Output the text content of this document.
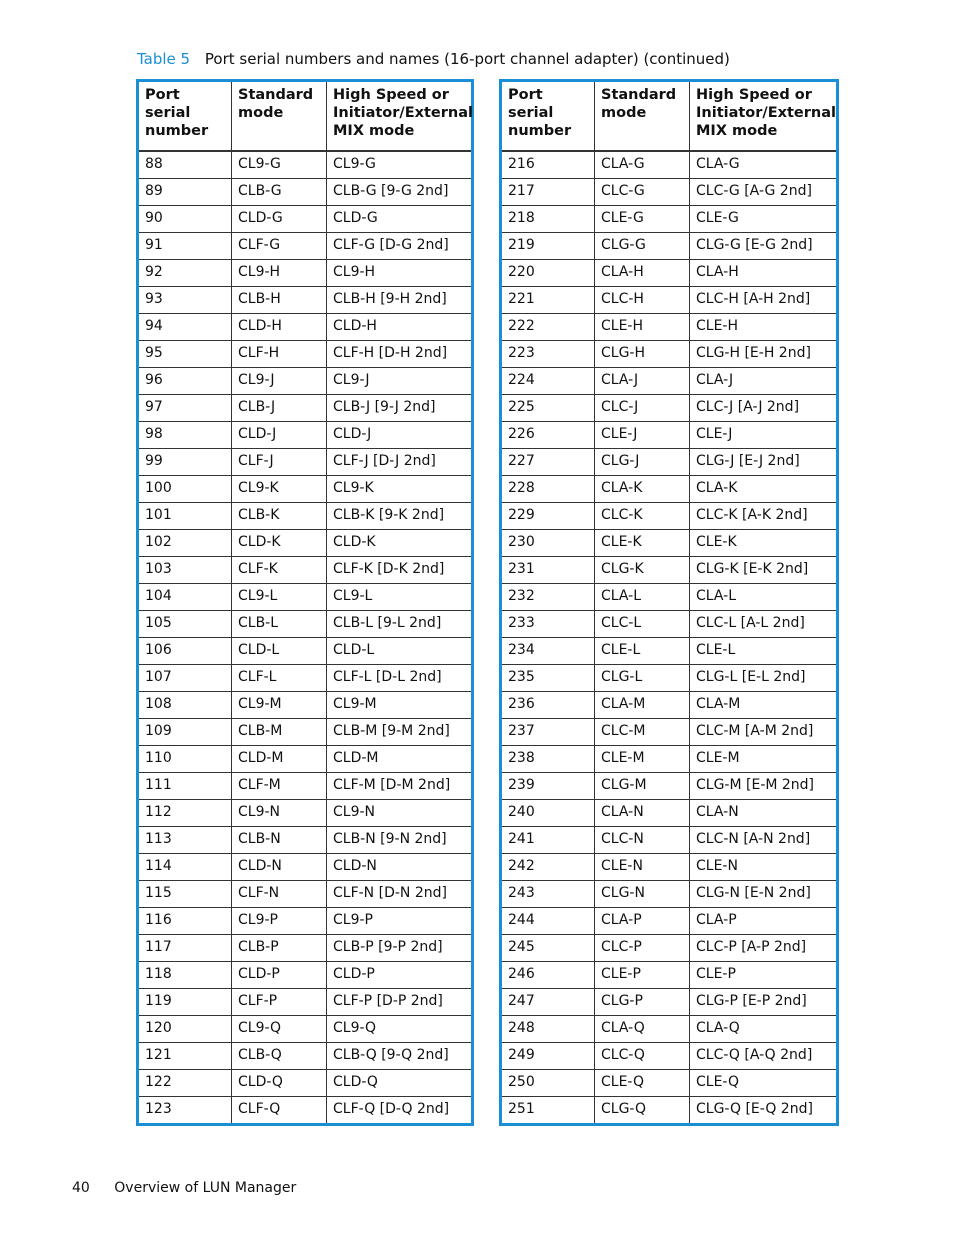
Table 5 Port serial numbers and names (16-port channel adapter) (continued)
Port serial number	Standard mode	High Speed or Initiator/External MIX mode
88	CL9-G	CL9-G
89	CLB-G	CLB-G [9-G 2nd]
90	CLD-G	CLD-G
91	CLF-G	CLF-G [D-G 2nd]
92	CL9-H	CL9-H
93	CLB-H	CLB-H [9-H 2nd]
94	CLD-H	CLD-H
95	CLF-H	CLF-H [D-H 2nd]
96	CL9-J	CL9-J
97	CLB-J	CLB-J [9-J 2nd]
98	CLD-J	CLD-J
99	CLF-J	CLF-J [D-J 2nd]
100	CL9-K	CL9-K
101	CLB-K	CLB-K [9-K 2nd]
102	CLD-K	CLD-K
103	CLF-K	CLF-K [D-K 2nd]
104	CL9-L	CL9-L
105	CLB-L	CLB-L [9-L 2nd]
106	CLD-L	CLD-L
107	CLF-L	CLF-L [D-L 2nd]
108	CL9-M	CL9-M
109	CLB-M	CLB-M [9-M 2nd]
110	CLD-M	CLD-M
111	CLF-M	CLF-M [D-M 2nd]
112	CL9-N	CL9-N
113	CLB-N	CLB-N [9-N 2nd]
114	CLD-N	CLD-N
115	CLF-N	CLF-N [D-N 2nd]
116	CL9-P	CL9-P
117	CLB-P	CLB-P [9-P 2nd]
118	CLD-P	CLD-P
119	CLF-P	CLF-P [D-P 2nd]
120	CL9-Q	CL9-Q
121	CLB-Q	CLB-Q [9-Q 2nd]
122	CLD-Q	CLD-Q
123	CLF-Q	CLF-Q [D-Q 2nd]
Port serial number	Standard mode	High Speed or Initiator/External MIX mode
216	CLA-G	CLA-G
217	CLC-G	CLC-G [A-G 2nd]
218	CLE-G	CLE-G
219	CLG-G	CLG-G [E-G 2nd]
220	CLA-H	CLA-H
221	CLC-H	CLC-H [A-H 2nd]
222	CLE-H	CLE-H
223	CLG-H	CLG-H [E-H 2nd]
224	CLA-J	CLA-J
225	CLC-J	CLC-J [A-J 2nd]
226	CLE-J	CLE-J
227	CLG-J	CLG-J [E-J 2nd]
228	CLA-K	CLA-K
229	CLC-K	CLC-K [A-K 2nd]
230	CLE-K	CLE-K
231	CLG-K	CLG-K [E-K 2nd]
232	CLA-L	CLA-L
233	CLC-L	CLC-L [A-L 2nd]
234	CLE-L	CLE-L
235	CLG-L	CLG-L [E-L 2nd]
236	CLA-M	CLA-M
237	CLC-M	CLC-M [A-M 2nd]
238	CLE-M	CLE-M
239	CLG-M	CLG-M [E-M 2nd]
240	CLA-N	CLA-N
241	CLC-N	CLC-N [A-N 2nd]
242	CLE-N	CLE-N
243	CLG-N	CLG-N [E-N 2nd]
244	CLA-P	CLA-P
245	CLC-P	CLC-P [A-P 2nd]
246	CLE-P	CLE-P
247	CLG-P	CLG-P [E-P 2nd]
248	CLA-Q	CLA-Q
249	CLC-Q	CLC-Q [A-Q 2nd]
250	CLE-Q	CLE-Q
251	CLG-Q	CLG-Q [E-Q 2nd]
40 Overview of LUN Manager
